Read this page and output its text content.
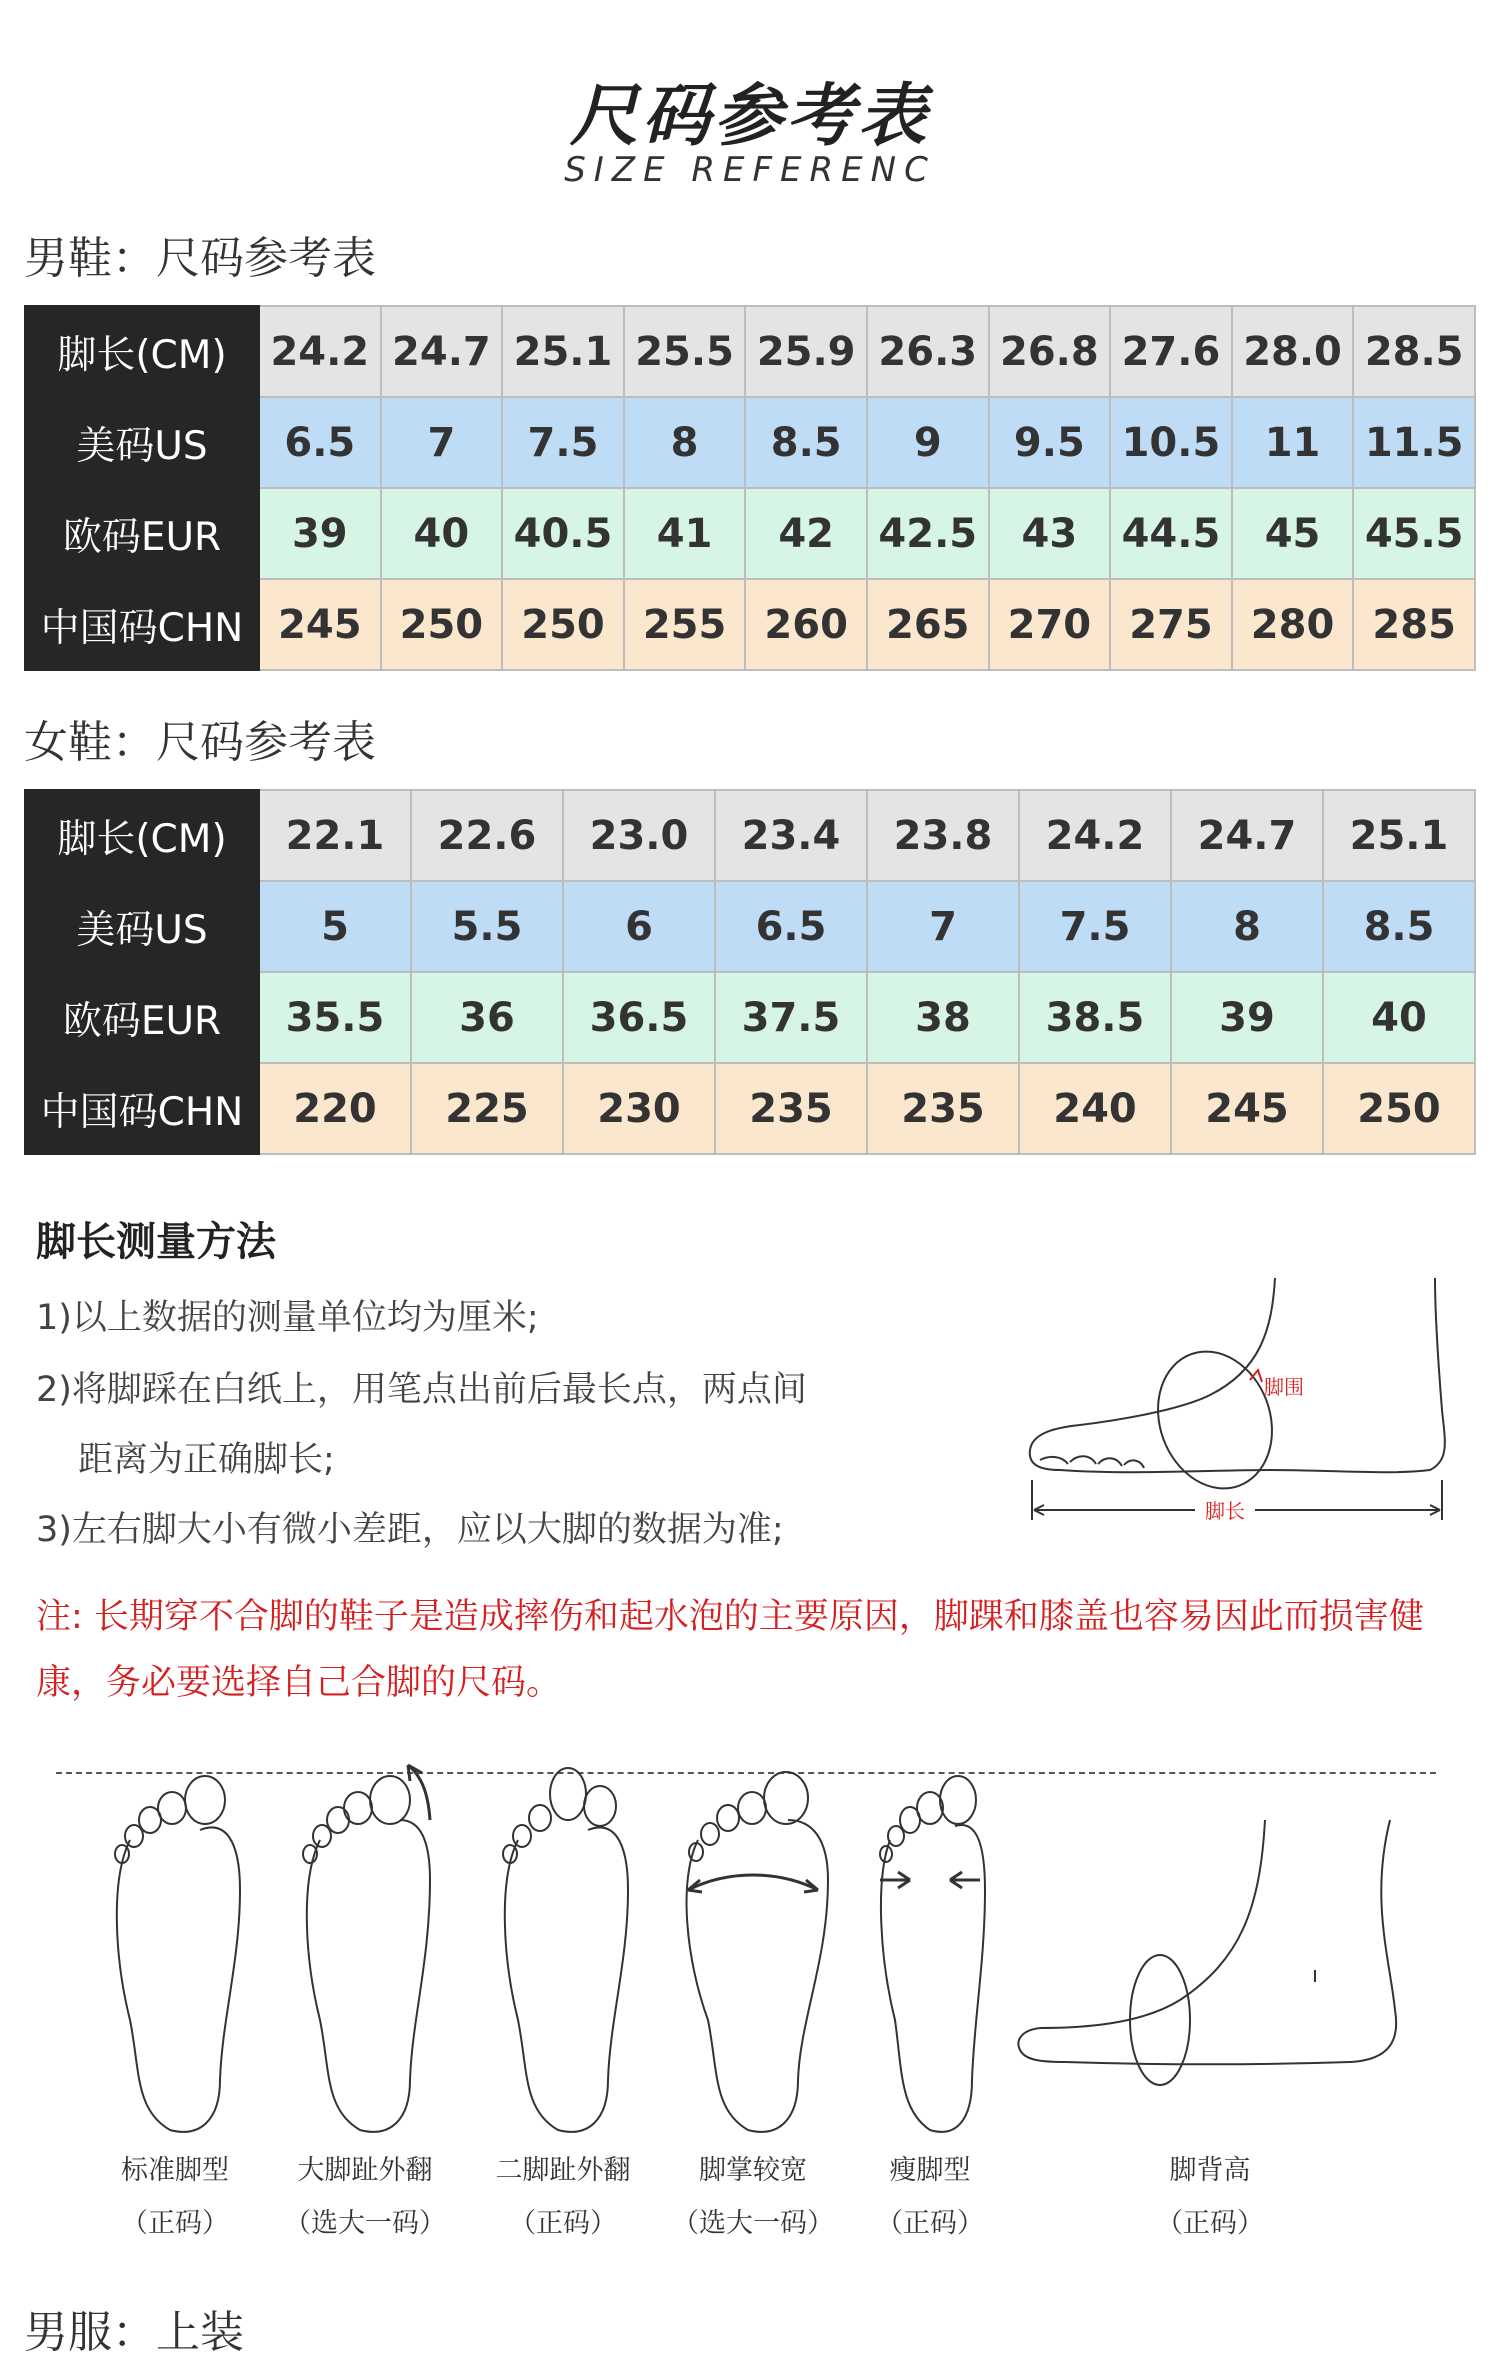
尺码参考表
SIZE REFERENC
男鞋：尺码参考表
脚长(CM)	24.2	24.7	25.1	25.5	25.9	26.3	26.8	27.6	28.0	28.5
美码US	6.5	7	7.5	8	8.5	9	9.5	10.5	11	11.5
欧码EUR	39	40	40.5	41	42	42.5	43	44.5	45	45.5
中国码CHN	245	250	250	255	260	265	270	275	280	285
女鞋：尺码参考表
脚长(CM)	22.1	22.6	23.0	23.4	23.8	24.2	24.7	25.1
美码US	5	5.5	6	6.5	7	7.5	8	8.5
欧码EUR	35.5	36	36.5	37.5	38	38.5	39	40
中国码CHN	220	225	230	235	235	240	245	250
脚长测量方法
1)以上数据的测量单位均为厘米;
2)将脚踩在白纸上，用笔点出前后最长点，两点间
距离为正确脚长;
3)左右脚大小有微小差距，应以大脚的数据为准;
脚围
脚长
注: 长期穿不合脚的鞋子是造成摔伤和起水泡的主要原因，脚踝和膝盖也容易因此而损害健康，务必要选择自己合脚的尺码。
标准脚型
（正码）
大脚趾外翻
（选大一码）
二脚趾外翻
（正码）
脚掌较宽
（选大一码）
瘦脚型
（正码）
脚背高
（正码）
男服：上装
